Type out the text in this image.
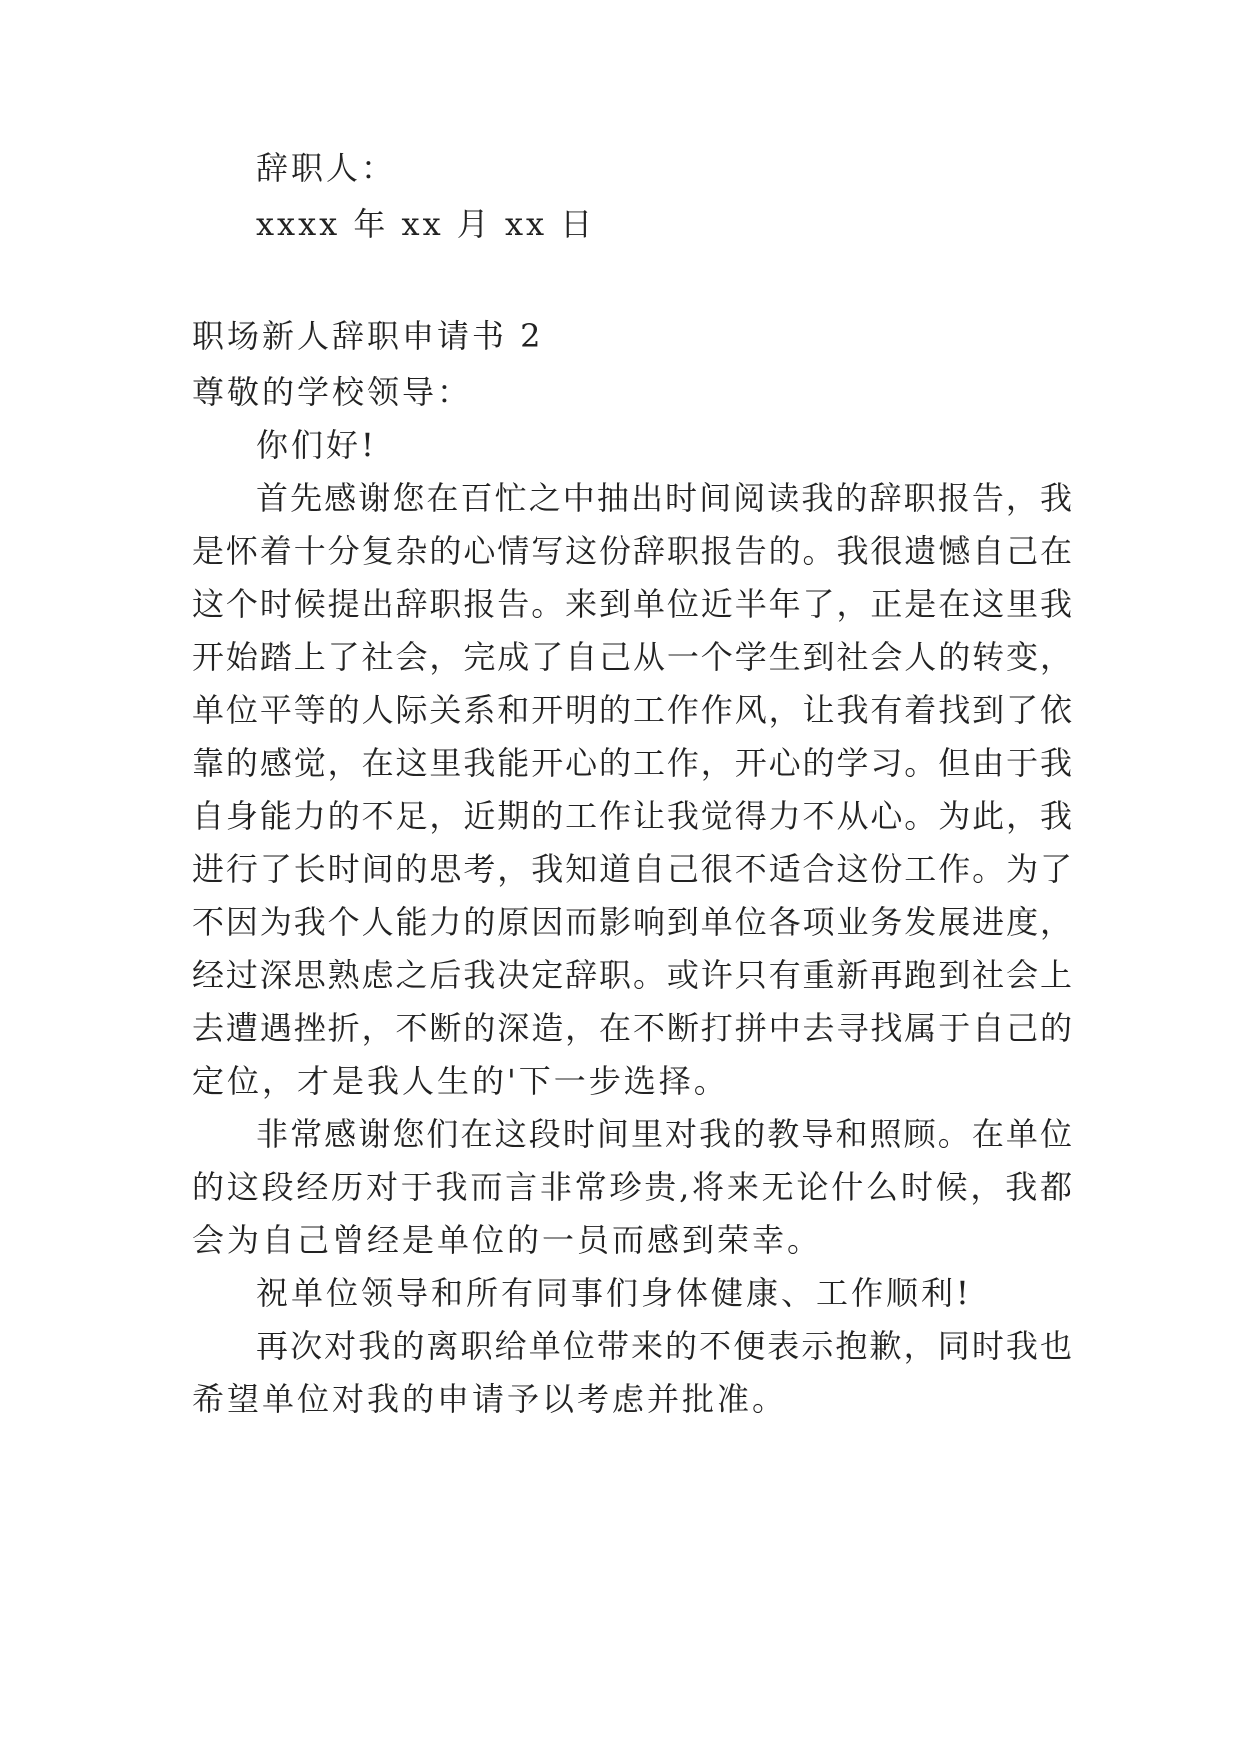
辞职人：
xxxx 年 xx 月 xx 日
职场新人辞职申请书 2
尊敬的学校领导：
你们好!
首先感谢您在百忙之中抽出时间阅读我的辞职报告，我
是怀着十分复杂的心情写这份辞职报告的。我很遗憾自己在
这个时候提出辞职报告。来到单位近半年了，正是在这里我
开始踏上了社会，完成了自己从一个学生到社会人的转变，
单位平等的人际关系和开明的工作作风，让我有着找到了依
靠的感觉，在这里我能开心的工作，开心的学习。但由于我
自身能力的不足，近期的工作让我觉得力不从心。为此，我
进行了长时间的思考，我知道自己很不适合这份工作。为了
不因为我个人能力的原因而影响到单位各项业务发展进度，
经过深思熟虑之后我决定辞职。或许只有重新再跑到社会上
去遭遇挫折，不断的深造，在不断打拼中去寻找属于自己的
定位，才是我人生的'下一步选择。
非常感谢您们在这段时间里对我的教导和照顾。在单位
的这段经历对于我而言非常珍贵,将来无论什么时候，我都
会为自己曾经是单位的一员而感到荣幸。
祝单位领导和所有同事们身体健康、工作顺利!
再次对我的离职给单位带来的不便表示抱歉，同时我也
希望单位对我的申请予以考虑并批准。
